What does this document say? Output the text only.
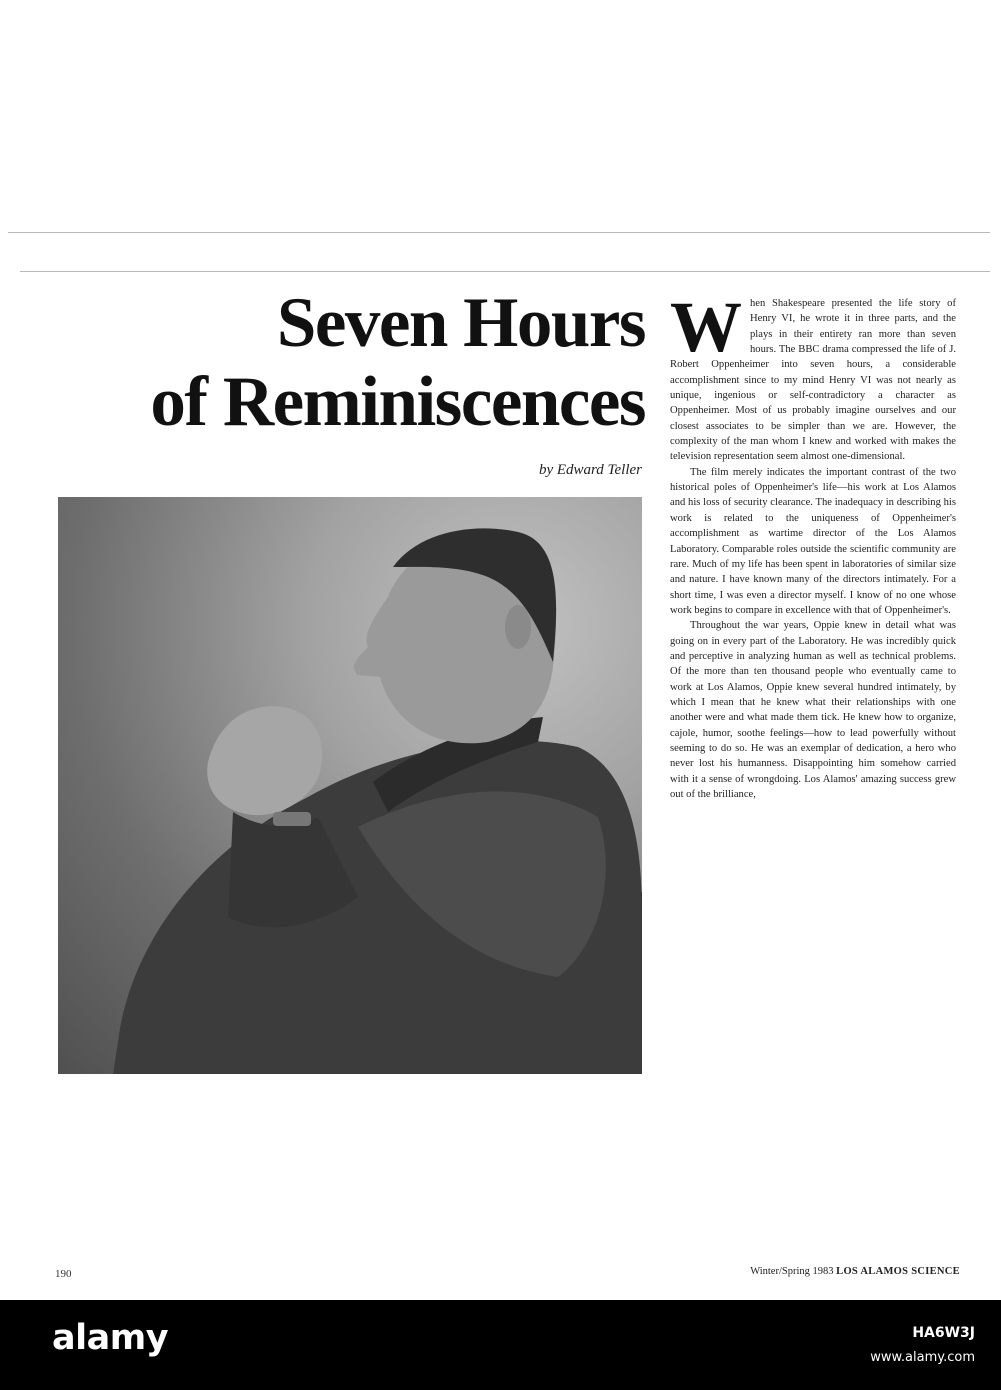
Seven Hours
of Reminiscences
by Edward Teller

When Shakespeare presented the life story of Henry VI, he wrote it in three parts, and the plays in their entirety ran more than seven hours. The BBC drama compressed the life of J. Robert Oppenheimer into seven hours, a considerable accomplishment since to my mind Henry VI was not nearly as unique, ingenious or self-contradictory a character as Oppenheimer. Most of us probably imagine ourselves and our closest associates to be simpler than we are. However, the complexity of the man whom I knew and worked with makes the television representation seem almost one-dimensional.

The film merely indicates the important contrast of the two historical poles of Oppenheimer's life—his work at Los Alamos and his loss of security clearance. The inadequacy in describing his work is related to the uniqueness of Oppenheimer's accomplishment as wartime director of the Los Alamos Laboratory. Comparable roles outside the scientific community are rare. Much of my life has been spent in laboratories of similar size and nature. I have known many of the directors intimately. For a short time, I was even a director myself. I know of no one whose work begins to compare in excellence with that of Oppenheimer's.

Throughout the war years, Oppie knew in detail what was going on in every part of the Laboratory. He was incredibly quick and perceptive in analyzing human as well as technical problems. Of the more than ten thousand people who eventually came to work at Los Alamos, Oppie knew several hundred intimately, by which I mean that he knew what their relationships with one another were and what made them tick. He knew how to organize, cajole, humor, soothe feelings—how to lead powerfully without seeming to do so. He was an exemplar of dedication, a hero who never lost his humanness. Disappointing him somehow carried with it a sense of wrongdoing. Los Alamos' amazing success grew out of the brilliance,

190	Winter/Spring 1983 LOS ALAMOS SCIENCE
alamy	HA6W3J
www.alamy.com
